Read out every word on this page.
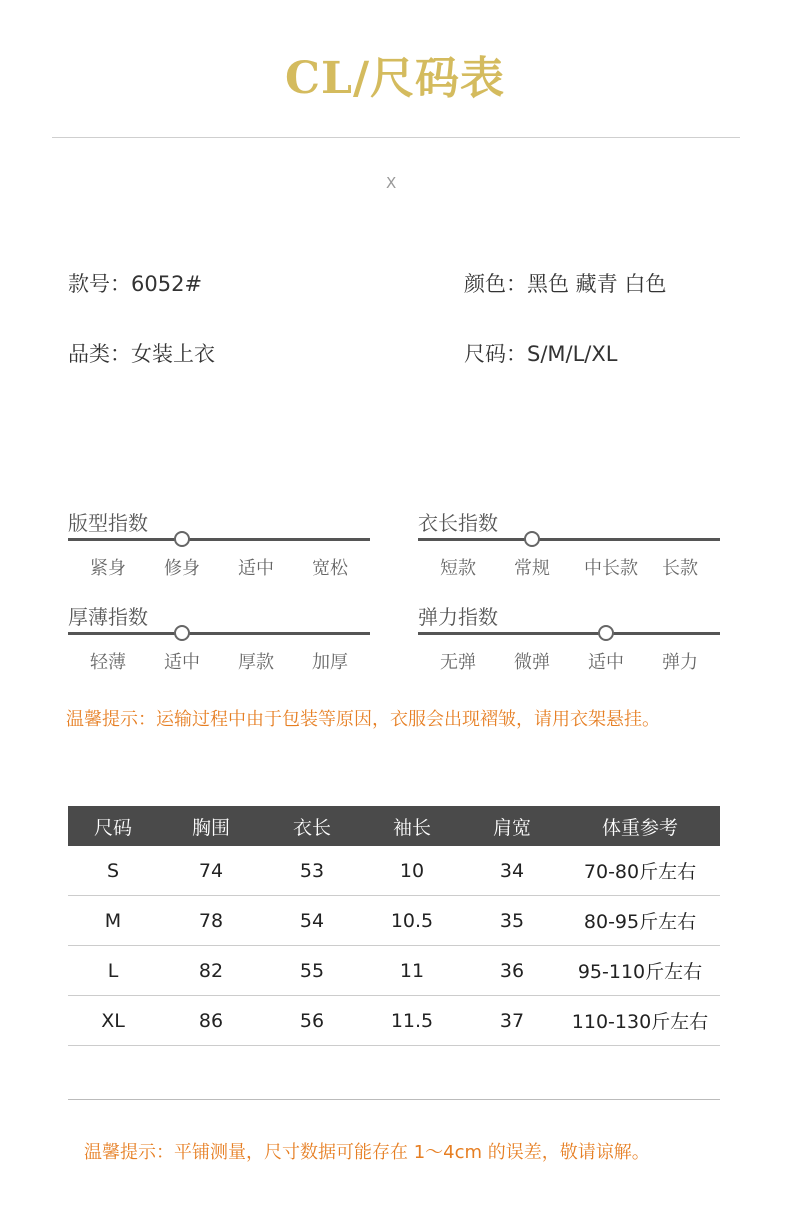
CL/尺码表
X
款号：6052#	颜色：黑色 藏青 白色
品类：女装上衣	尺码：S/M/L/XL
版型指数
紧身 修身 适中 宽松
衣长指数
短款 常规 中长款 长款
厚薄指数
轻薄 适中 厚款 加厚
弹力指数
无弹 微弹 适中 弹力
温馨提示：运输过程中由于包装等原因，衣服会出现褶皱，请用衣架悬挂。
尺码	胸围	衣长	袖长	肩宽	体重参考
S	74	53	10	34	70-80斤左右
M	78	54	10.5	35	80-95斤左右
L	82	55	11	36	95-110斤左右
XL	86	56	11.5	37	110-130斤左右
温馨提示：平铺测量，尺寸数据可能存在 1～4cm 的误差，敬请谅解。
